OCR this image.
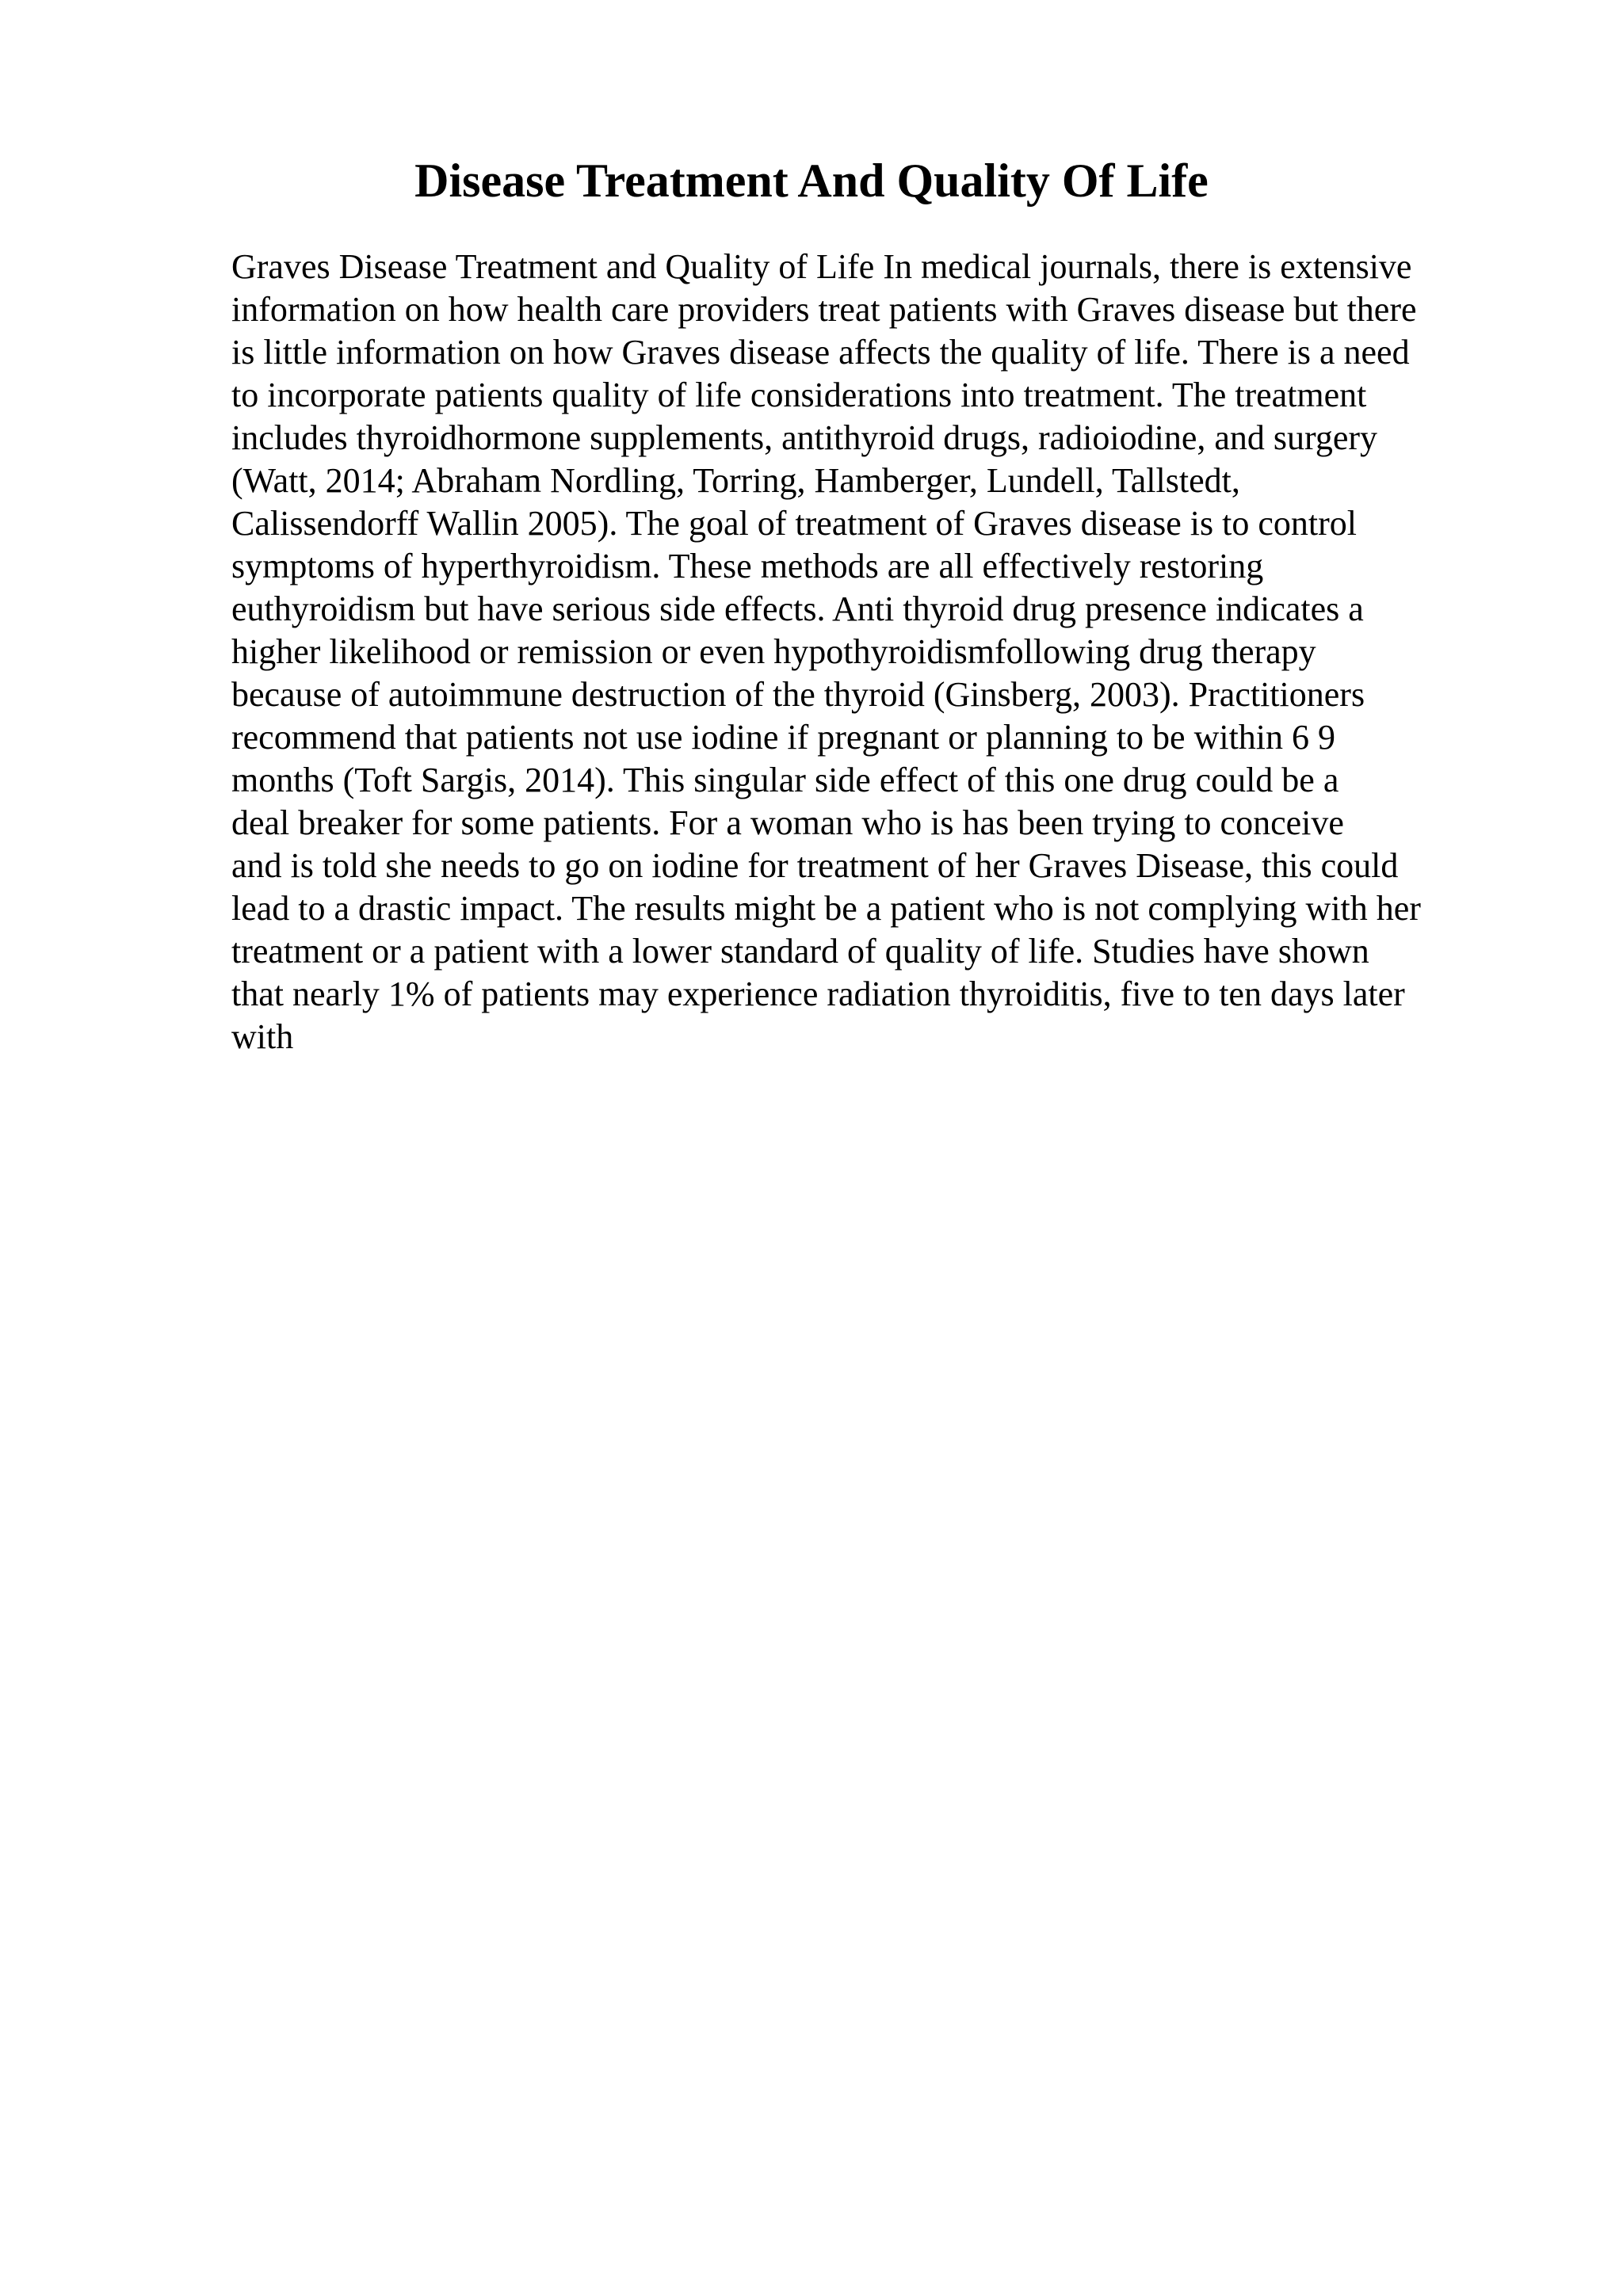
Disease Treatment And Quality Of Life
Graves Disease Treatment and Quality of Life In medical journals, there is extensive
information on how health care providers treat patients with Graves disease but there
is little information on how Graves disease affects the quality of life. There is a need
to incorporate patients quality of life considerations into treatment. The treatment
includes thyroidhormone supplements, antithyroid drugs, radioiodine, and surgery
(Watt, 2014; Abraham Nordling, Torring, Hamberger, Lundell, Tallstedt,
Calissendorff Wallin 2005). The goal of treatment of Graves disease is to control
symptoms of hyperthyroidism. These methods are all effectively restoring
euthyroidism but have serious side effects. Anti thyroid drug presence indicates a
higher likelihood or remission or even hypothyroidismfollowing drug therapy
because of autoimmune destruction of the thyroid (Ginsberg, 2003). Practitioners
recommend that patients not use iodine if pregnant or planning to be within 6 9
months (Toft Sargis, 2014). This singular side effect of this one drug could be a
deal breaker for some patients. For a woman who is has been trying to conceive
and is told she needs to go on iodine for treatment of her Graves Disease, this could
lead to a drastic impact. The results might be a patient who is not complying with her
treatment or a patient with a lower standard of quality of life. Studies have shown
that nearly 1% of patients may experience radiation thyroiditis, five to ten days later
with
